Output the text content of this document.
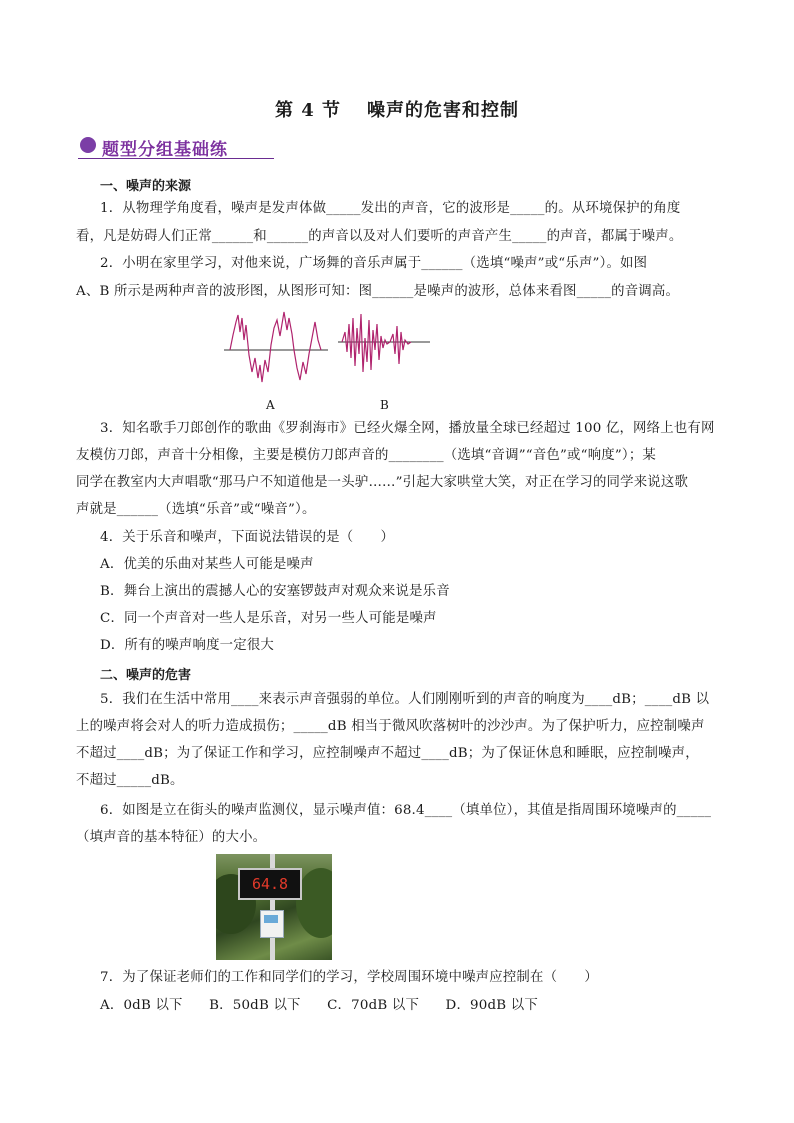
第 4 节 噪声的危害和控制
题型分组基础练
一、噪声的来源
1．从物理学角度看，噪声是发声体做_____发出的声音，它的波形是_____的。从环境保护的角度
看，凡是妨碍人们正常______和______的声音以及对人们要听的声音产生_____的声音，都属于噪声。
2．小明在家里学习，对他来说，广场舞的音乐声属于______（选填“噪声”或“乐声”）。如图
A、B 所示是两种声音的波形图，从图形可知：图______是噪声的波形，总体来看图_____的音调高。
A	B
3．知名歌手刀郎创作的歌曲《罗刹海市》已经火爆全网，播放量全球已经超过 100 亿，网络上也有网
友模仿刀郎，声音十分相像，主要是模仿刀郎声音的________（选填“音调”“音色”或“响度”）；某
同学在教室内大声唱歌“那马户不知道他是一头驴……”引起大家哄堂大笑，对正在学习的同学来说这歌
声就是______（选填“乐音”或“噪音”）。
4．关于乐音和噪声，下面说法错误的是（　　）
A．优美的乐曲对某些人可能是噪声
B．舞台上演出的震撼人心的安塞锣鼓声对观众来说是乐音
C．同一个声音对一些人是乐音，对另一些人可能是噪声
D．所有的噪声响度一定很大
二、噪声的危害
5．我们在生活中常用____来表示声音强弱的单位。人们刚刚听到的声音的响度为____dB；____dB 以
上的噪声将会对人的听力造成损伤；_____dB 相当于微风吹落树叶的沙沙声。为了保护听力，应控制噪声
不超过____dB；为了保证工作和学习，应控制噪声不超过____dB；为了保证休息和睡眠，应控制噪声，
不超过_____dB。
6．如图是立在街头的噪声监测仪，显示噪声值：68.4____（填单位），其值是指周围环境噪声的_____
（填声音的基本特征）的大小。
64.8
7．为了保证老师们的工作和同学们的学习，学校周围环境中噪声应控制在（　　）
A．0dB 以下 B．50dB 以下 C．70dB 以下 D．90dB 以下
